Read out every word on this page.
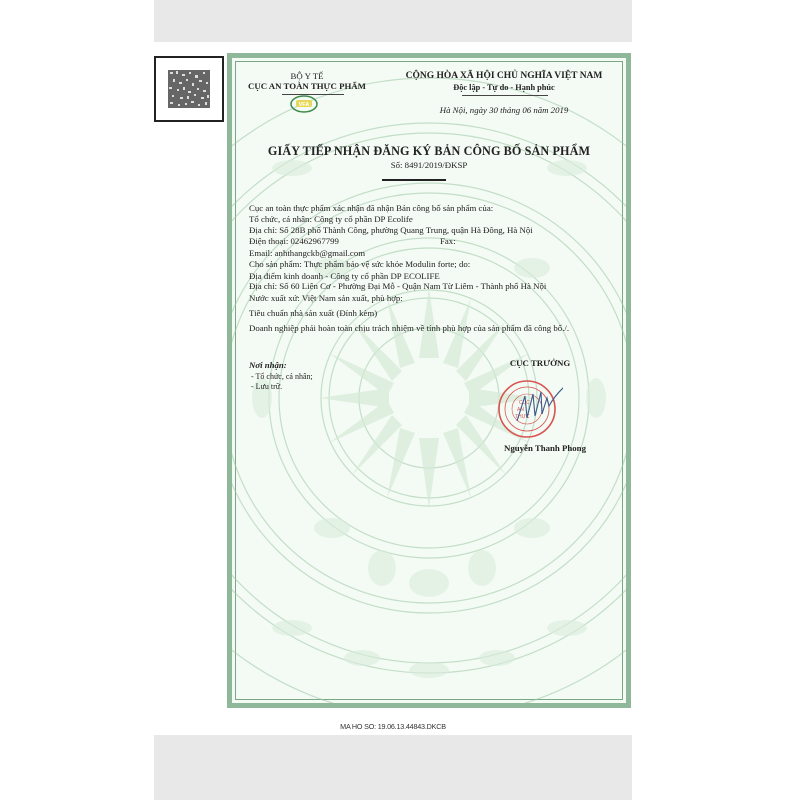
BỘ Y TẾ
CỤC AN TOÀN THỰC PHẨM
VFA
CỘNG HÒA XÃ HỘI CHỦ NGHĨA VIỆT NAM
Độc lập - Tự do - Hạnh phúc
Hà Nội, ngày 30 tháng 06 năm 2019
GIẤY TIẾP NHẬN ĐĂNG KÝ BẢN CÔNG BỐ SẢN PHẨM
Số: 8491/2019/ĐKSP
Cục an toàn thực phẩm xác nhận đã nhận Bản công bố sản phẩm của:
Tổ chức, cá nhân: Công ty cổ phần DP Ecolife
Địa chỉ: Số 28B phố Thành Công, phường Quang Trung, quận Hà Đông, Hà Nội
Điện thoại: 02462967799	Fax:
Email: anhthangckb@gmail.com
Cho sản phẩm: Thực phẩm bảo vệ sức khỏe Modulin forte; do:
Địa điểm kinh doanh - Công ty cổ phần DP ECOLIFE
Địa chỉ: Số 60 Liên Cơ - Phường Đại Mỗ - Quận Nam Từ Liêm - Thành phố Hà Nội
Nước xuất xứ: Việt Nam sản xuất, phù hợp:
Tiêu chuẩn nhà sản xuất (Đính kèm)
Doanh nghiệp phải hoàn toàn chịu trách nhiệm về tính phù hợp của sản phẩm đã công bố./.
Nơi nhận:
- Tổ chức, cá nhân;
- Lưu trữ.
CỤC TRƯỞNG
CỤC
AN
THỰC
Nguyễn Thanh Phong
MA HO SO: 19.06.13.44843.DKCB
